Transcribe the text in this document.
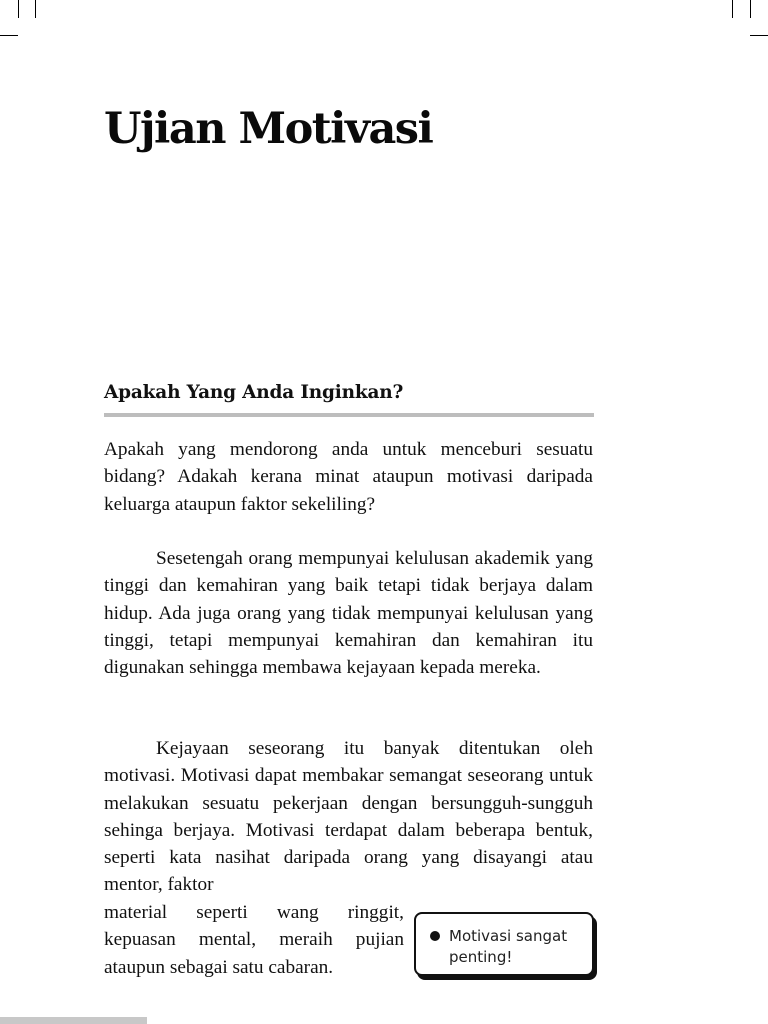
Ujian Motivasi
Apakah Yang Anda Inginkan?

Apakah yang mendorong anda untuk menceburi sesuatu bidang? Adakah kerana minat ataupun motivasi daripada keluarga ataupun faktor sekeliling?

Sesetengah orang mempunyai kelulusan akademik yang tinggi dan kemahiran yang baik tetapi tidak berjaya dalam hidup. Ada juga orang yang tidak mempunyai kelulusan yang tinggi, tetapi mempunyai kemahiran dan kemahiran itu digunakan sehingga membawa kejayaan kepada mereka.

Kejayaan seseorang itu banyak ditentukan oleh motivasi. Motivasi dapat membakar semangat seseorang untuk melakukan sesuatu pekerjaan dengan bersungguh-sungguh sehinga berjaya. Motivasi terdapat dalam beberapa bentuk, seperti kata nasihat daripada orang yang disayangi atau mentor, faktor

material seperti wang ringgit, kepuasan mental, meraih pujian ataupun sebagai satu cabaran.

Motivasi sangat penting!
